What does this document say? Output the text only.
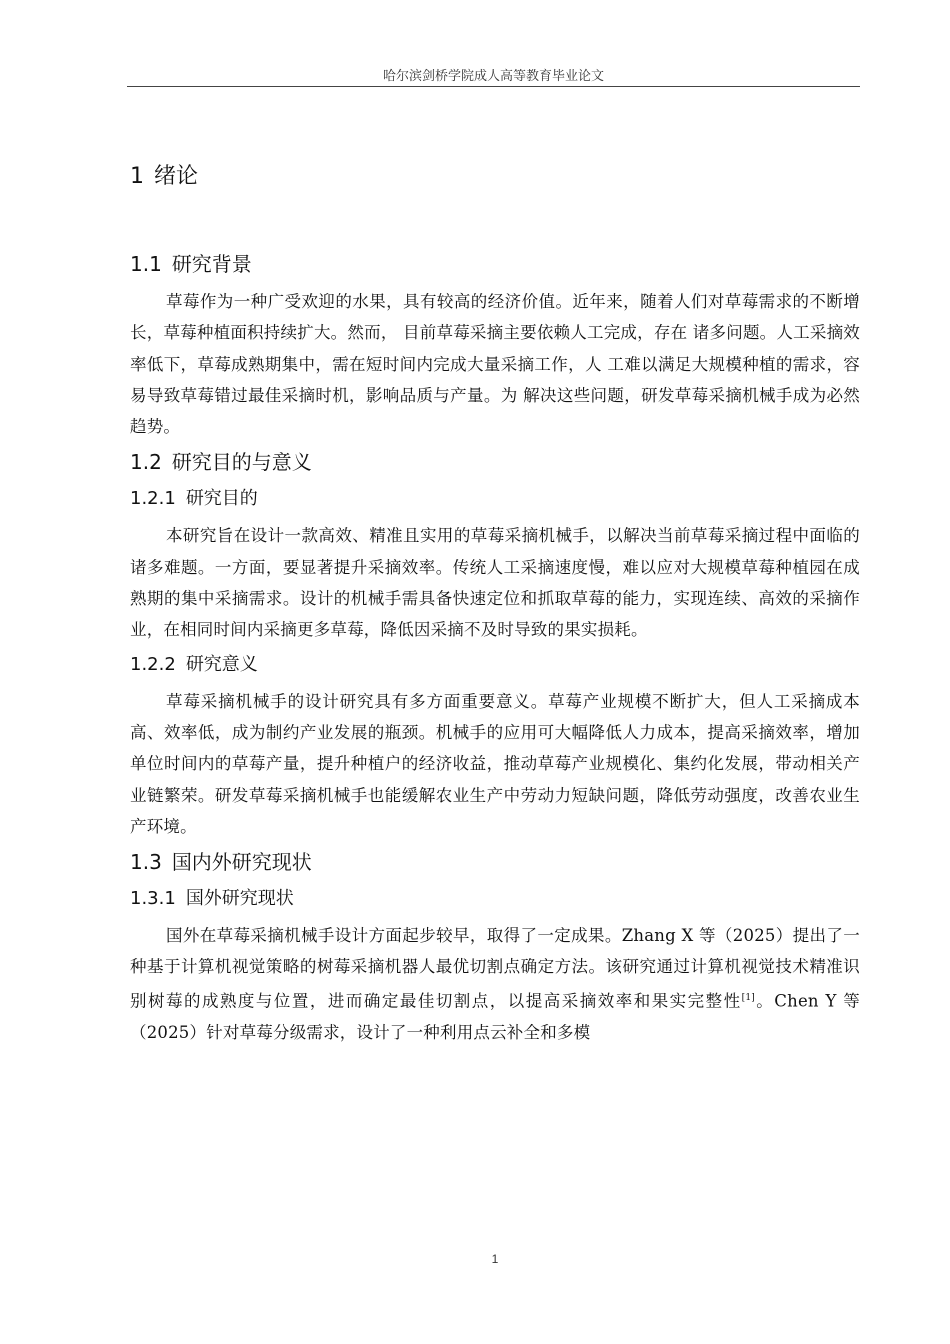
哈尔滨剑桥学院成人高等教育毕业论文
1 绪论
1.1 研究背景

草莓作为一种广受欢迎的水果，具有较高的经济价值。近年来，随着人们对草莓需求的不断增长，草莓种植面积持续扩大。然而， 目前草莓采摘主要依赖人工完成，存在 诸多问题。人工采摘效率低下，草莓成熟期集中，需在短时间内完成大量采摘工作，人 工难以满足大规模种植的需求，容易导致草莓错过最佳采摘时机，影响品质与产量。为 解决这些问题，研发草莓采摘机械手成为必然趋势。

1.2 研究目的与意义
1.2.1 研究目的

本研究旨在设计一款高效、精准且实用的草莓采摘机械手，以解决当前草莓采摘过程中面临的诸多难题。一方面，要显著提升采摘效率。传统人工采摘速度慢，难以应对大规模草莓种植园在成熟期的集中采摘需求。设计的机械手需具备快速定位和抓取草莓的能力，实现连续、高效的采摘作业，在相同时间内采摘更多草莓，降低因采摘不及时导致的果实损耗。

1.2.2 研究意义

草莓采摘机械手的设计研究具有多方面重要意义。草莓产业规模不断扩大，但人工采摘成本高、效率低，成为制约产业发展的瓶颈。机械手的应用可大幅降低人力成本，提高采摘效率，增加单位时间内的草莓产量，提升种植户的经济收益，推动草莓产业规模化、集约化发展，带动相关产业链繁荣。研发草莓采摘机械手也能缓解农业生产中劳动力短缺问题，降低劳动强度，改善农业生产环境。

1.3 国内外研究现状
1.3.1 国外研究现状

国外在草莓采摘机械手设计方面起步较早，取得了一定成果。Zhang X 等（2025）提出了一种基于计算机视觉策略的树莓采摘机器人最优切割点确定方法。该研究通过计算机视觉技术精准识别树莓的成熟度与位置，进而确定最佳切割点，以提高采摘效率和果实完整性[1]。Chen Y 等（2025）针对草莓分级需求，设计了一种利用点云补全和多模

1
